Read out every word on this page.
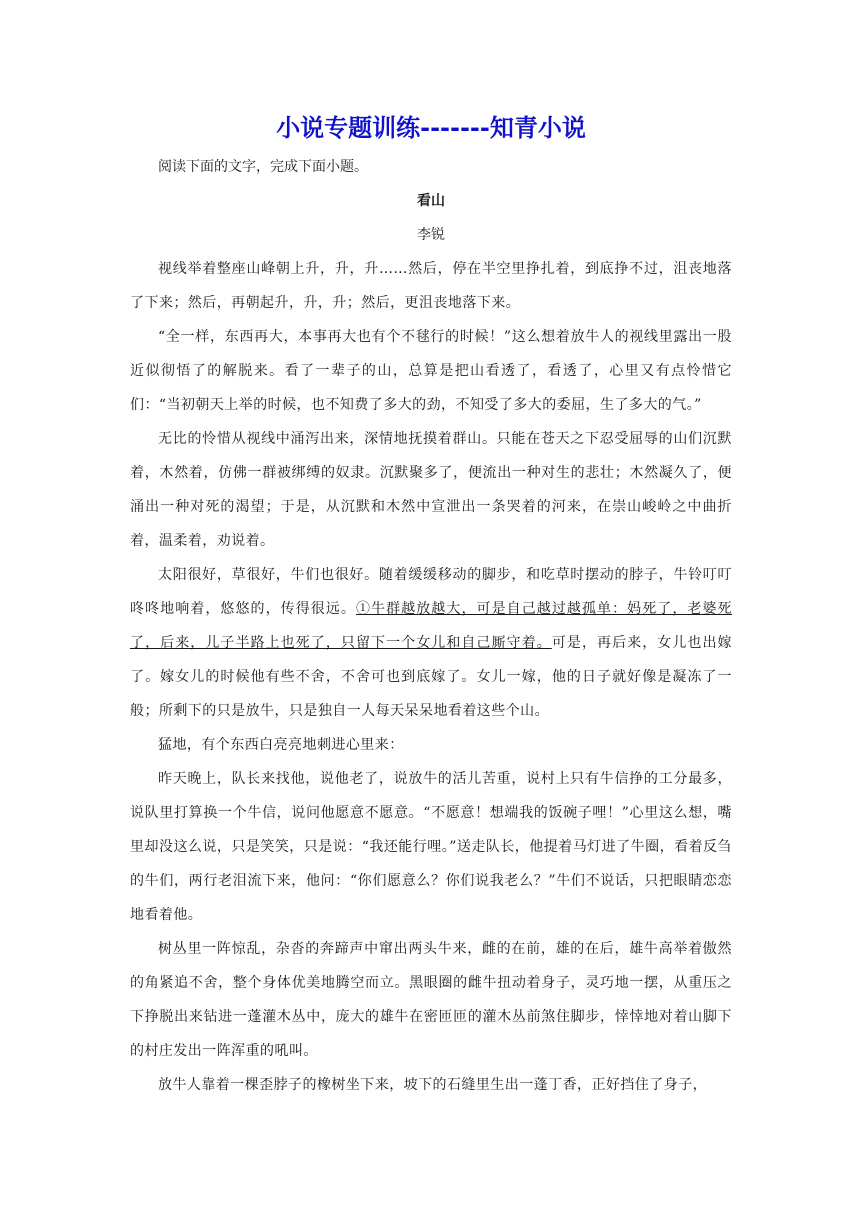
小说专题训练-------知青小说

阅读下面的文字，完成下面小题。

看山

李锐

视线举着整座山峰朝上升，升，升……然后，停在半空里挣扎着，到底挣不过，沮丧地落了下来；然后，再朝起升，升，升；然后，更沮丧地落下来。

“全一样，东西再大，本事再大也有个不毬行的时候！”这么想着放牛人的视线里露出一股近似彻悟了的解脱来。看了一辈子的山，总算是把山看透了，看透了，心里又有点怜惜它们：“当初朝天上举的时候，也不知费了多大的劲，不知受了多大的委屈，生了多大的气。”

无比的怜惜从视线中涌泻出来，深情地抚摸着群山。只能在苍天之下忍受屈辱的山们沉默着，木然着，仿佛一群被绑缚的奴隶。沉默聚多了，便流出一种对生的悲壮；木然凝久了，便涌出一种对死的渴望；于是，从沉默和木然中宣泄出一条哭着的河来，在崇山峻岭之中曲折着，温柔着，劝说着。

太阳很好，草很好，牛们也很好。随着缓缓移动的脚步，和吃草时摆动的脖子，牛铃叮叮咚咚地响着，悠悠的，传得很远。①牛群越放越大，可是自己越过越孤单：妈死了，老婆死了，后来，儿子半路上也死了，只留下一个女儿和自己厮守着。可是，再后来，女儿也出嫁了。嫁女儿的时候他有些不舍，不舍可也到底嫁了。女儿一嫁，他的日子就好像是凝冻了一般；所剩下的只是放牛，只是独自一人每天呆呆地看着这些个山。

猛地，有个东西白亮亮地刺进心里来：

昨天晚上，队长来找他，说他老了，说放牛的活儿苦重，说村上只有牛信挣的工分最多，说队里打算换一个牛信，说问他愿意不愿意。“不愿意！想端我的饭碗子哩！”心里这么想，嘴里却没这么说，只是笑笑，只是说：“我还能行哩。”送走队长，他提着马灯进了牛圈，看着反刍的牛们，两行老泪流下来，他问：“你们愿意么？你们说我老么？”牛们不说话，只把眼睛恋恋地看着他。

树丛里一阵惊乱，杂沓的奔蹄声中窜出两头牛来，雌的在前，雄的在后，雄牛高举着傲然的角紧追不舍，整个身体优美地腾空而立。黑眼圈的雌牛扭动着身子，灵巧地一摆，从重压之下挣脱出来钻进一蓬灌木丛中，庞大的雄牛在密匝匝的灌木丛前煞住脚步，悻悻地对着山脚下的村庄发出一阵浑重的吼叫。

放牛人靠着一棵歪脖子的橡树坐下来，坡下的石缝里生出一蓬丁香，正好挡住了身子，
